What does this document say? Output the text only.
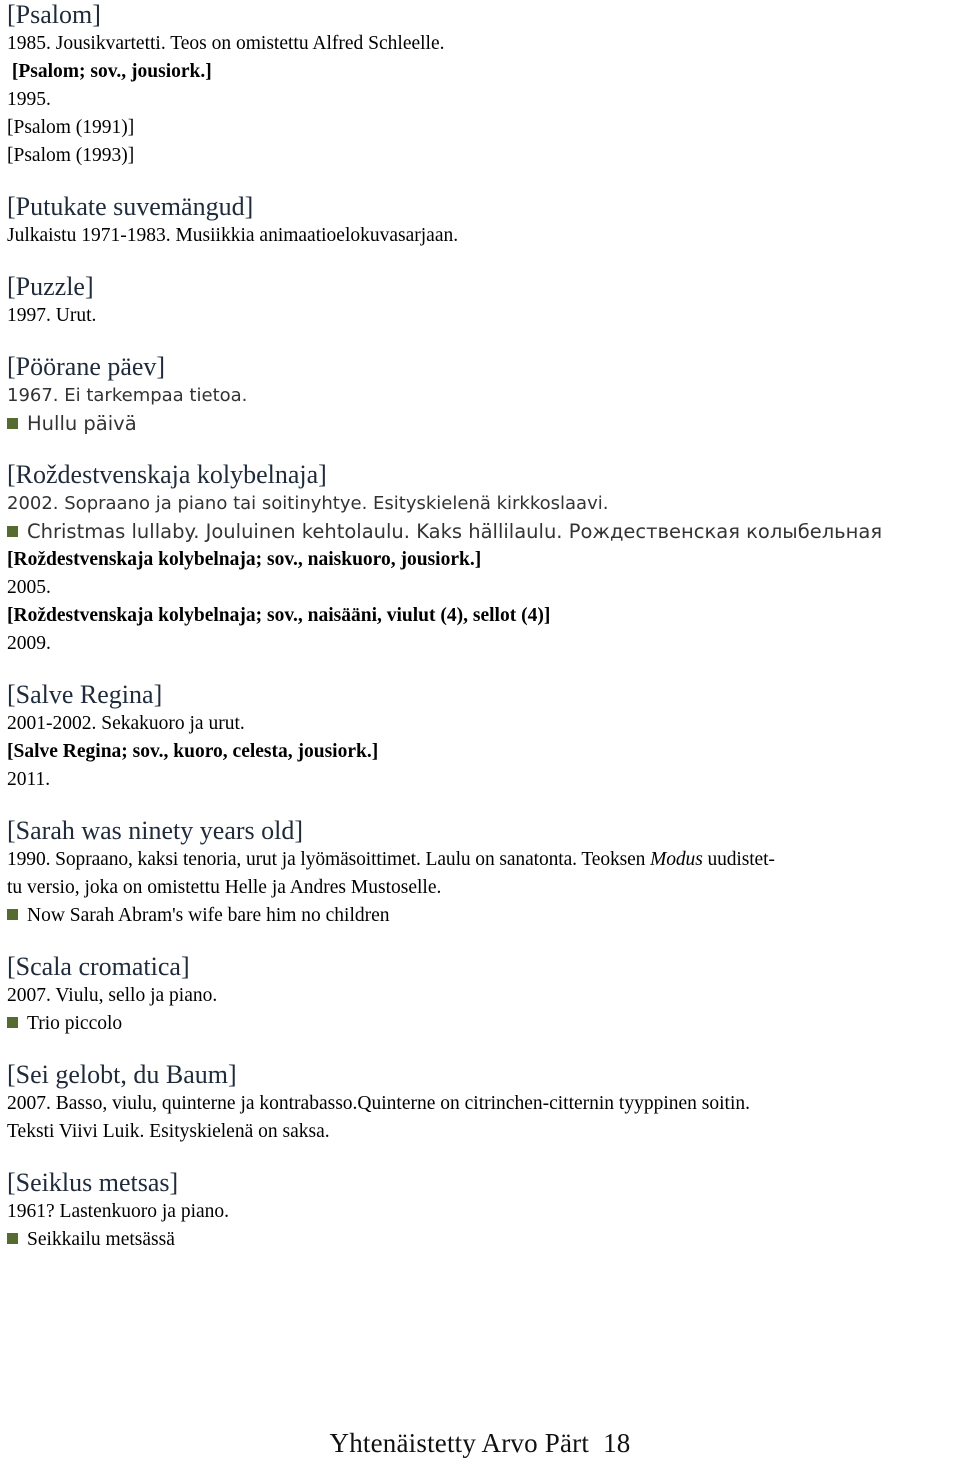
[Psalom]

1985. Jousikvartetti. Teos on omistettu Alfred Schleelle.

[Psalom; sov., jousiork.]

1995.

[Psalom (1991)]

[Psalom (1993)]

[Putukate suvemängud]

Julkaistu 1971-1983. Musiikkia animaatioelokuvasarjaan.

[Puzzle]

1997. Urut.

[Pöörane päev]

1967. Ei tarkempaa tietoa.

Hullu päivä

[Roždestvenskaja kolybelnaja]

2002. Sopraano ja piano tai soitinyhtye. Esityskielenä kirkkoslaavi.

Christmas lullaby. Jouluinen kehtolaulu. Kaks hällilaulu. Рождественская колыбельная

[Roždestvenskaja kolybelnaja; sov., naiskuoro, jousiork.]

2005.

[Roždestvenskaja kolybelnaja; sov., naisääni, viulut (4), sellot (4)]

2009.

[Salve Regina]

2001-2002. Sekakuoro ja urut.

[Salve Regina; sov., kuoro, celesta, jousiork.]

2011.

[Sarah was ninety years old]

1990. Sopraano, kaksi tenoria, urut ja lyömäsoittimet. Laulu on sanatonta. Teoksen Modus uudistet-

tu versio, joka on omistettu Helle ja Andres Mustoselle.

Now Sarah Abram's wife bare him no children

[Scala cromatica]

2007. Viulu, sello ja piano.

Trio piccolo

[Sei gelobt, du Baum]

2007. Basso, viulu, quinterne ja kontrabasso.Quinterne on citrinchen-citternin tyyppinen soitin.

Teksti Viivi Luik. Esityskielenä on saksa.

[Seiklus metsas]

1961? Lastenkuoro ja piano.

Seikkailu metsässä

Yhtenäistetty Arvo Pärt 18
